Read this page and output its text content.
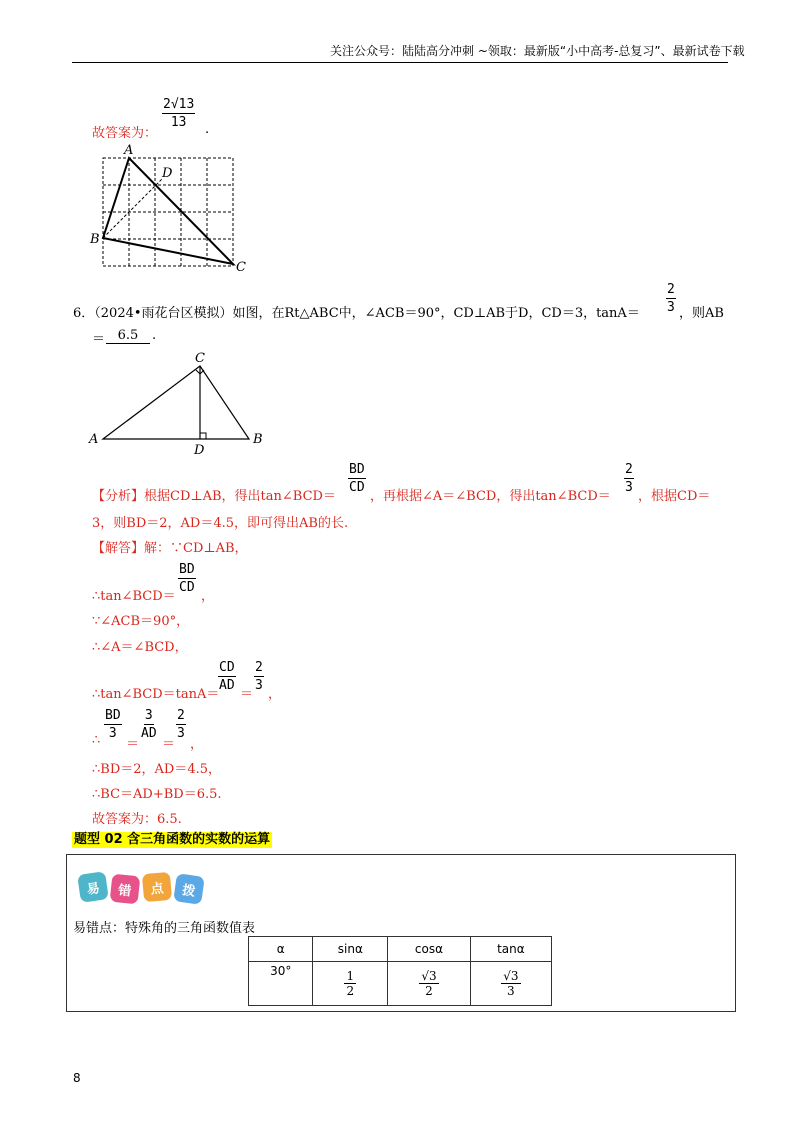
关注公众号：陆陆高分冲刺 ~领取：最新版“小中高考-总复习”、最新试卷下载
故答案为：
$\frac{2√13}{13}$ .
A
D
B
C
6．（2024•雨花台区模拟）如图，在Rt△ABC中，∠ACB＝90°，CD⊥AB于D，CD＝3，$\tan A= \frac{2}{3}$ ，则AB
＝ 6.5	.
A
C
B
D
【分析】根据CD⊥AB，得出tan∠BCD＝
$\frac{BD}{CD}$
，再根据∠A＝∠BCD，得出tan∠BCD＝
$\frac{2}{3}$
，根据CD＝
3，则BD＝2，AD＝4.5，即可得出AB的长.
【解答】解：∵CD⊥AB，
∴tan∠BCD＝
$\frac{BD}{CD}$
，
∵∠ACB＝90°，
∴∠A＝∠BCD，
∴tan∠BCD＝tanA＝
$\frac{CD}{AD}$
＝
$\frac{2}{3}$
，
∴ $\frac{BD}{3}$
＝
$\frac{3}{AD}$
＝
$\frac{2}{3}$
，
∴BD＝2，AD＝4.5，
∴BC＝AD+BD＝6.5.
故答案为：6.5.
题型 02 含三角函数的实数的运算
易	错	点	拨
易错点：特殊角的三角函数值表
α	sinα	cosα	tanα
30°	$\frac{1}{2}$	$\frac{√3}{2}$	$\frac{√3}{3}$
8
